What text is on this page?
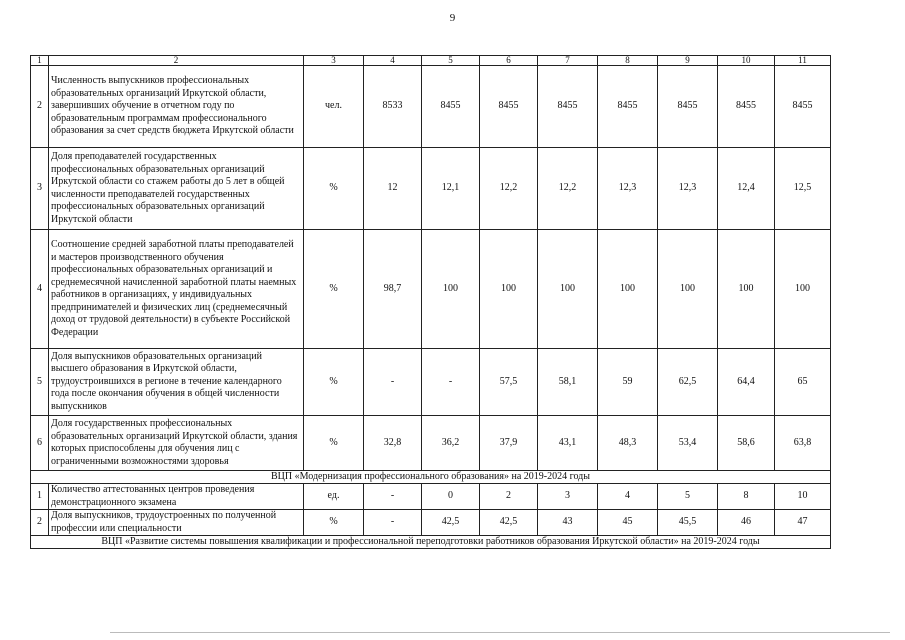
9
1	2	3	4	5	6	7	8	9	10	11
2	Численность выпускников профессиональных образовательных организаций Иркутской области, завершивших обучение в отчетном году по образовательным программам профессионального образования за счет средств бюджета Иркутской области	чел.	8533	8455	8455	8455	8455	8455	8455	8455
3	Доля преподавателей государственных профессиональных образовательных организаций Иркутской области со стажем работы до 5 лет в общей численности преподавателей государственных профессиональных образовательных организаций Иркутской области	%	12	12,1	12,2	12,2	12,3	12,3	12,4	12,5
4	Соотношение средней заработной платы преподавателей и мастеров производственного обучения профессиональных образовательных организаций и среднемесячной начисленной заработной платы наемных работников в организациях, у индивидуальных предпринимателей и физических лиц (среднемесячный доход от трудовой деятельности) в субъекте Российской Федерации	%	98,7	100	100	100	100	100	100	100
5	Доля выпускников образовательных организаций высшего образования в Иркутской области, трудоустроившихся в регионе в течение календарного года после окончания обучения в общей численности выпускников	%	-	-	57,5	58,1	59	62,5	64,4	65
6	Доля государственных профессиональных образовательных организаций Иркутской области, здания которых приспособлены для обучения лиц с ограниченными возможностями здоровья	%	32,8	36,2	37,9	43,1	48,3	53,4	58,6	63,8
ВЦП «Модернизация профессионального образования» на 2019-2024 годы										
1	Количество аттестованных центров проведения демонстрационного экзамена	ед.	-	0	2	3	4	5	8	10
2	Доля выпускников, трудоустроенных по полученной профессии или специальности	%	-	42,5	42,5	43	45	45,5	46	47
ВЦП «Развитие системы повышения квалификации и профессиональной переподготовки работников образования Иркутской области» на 2019-2024 годы										
